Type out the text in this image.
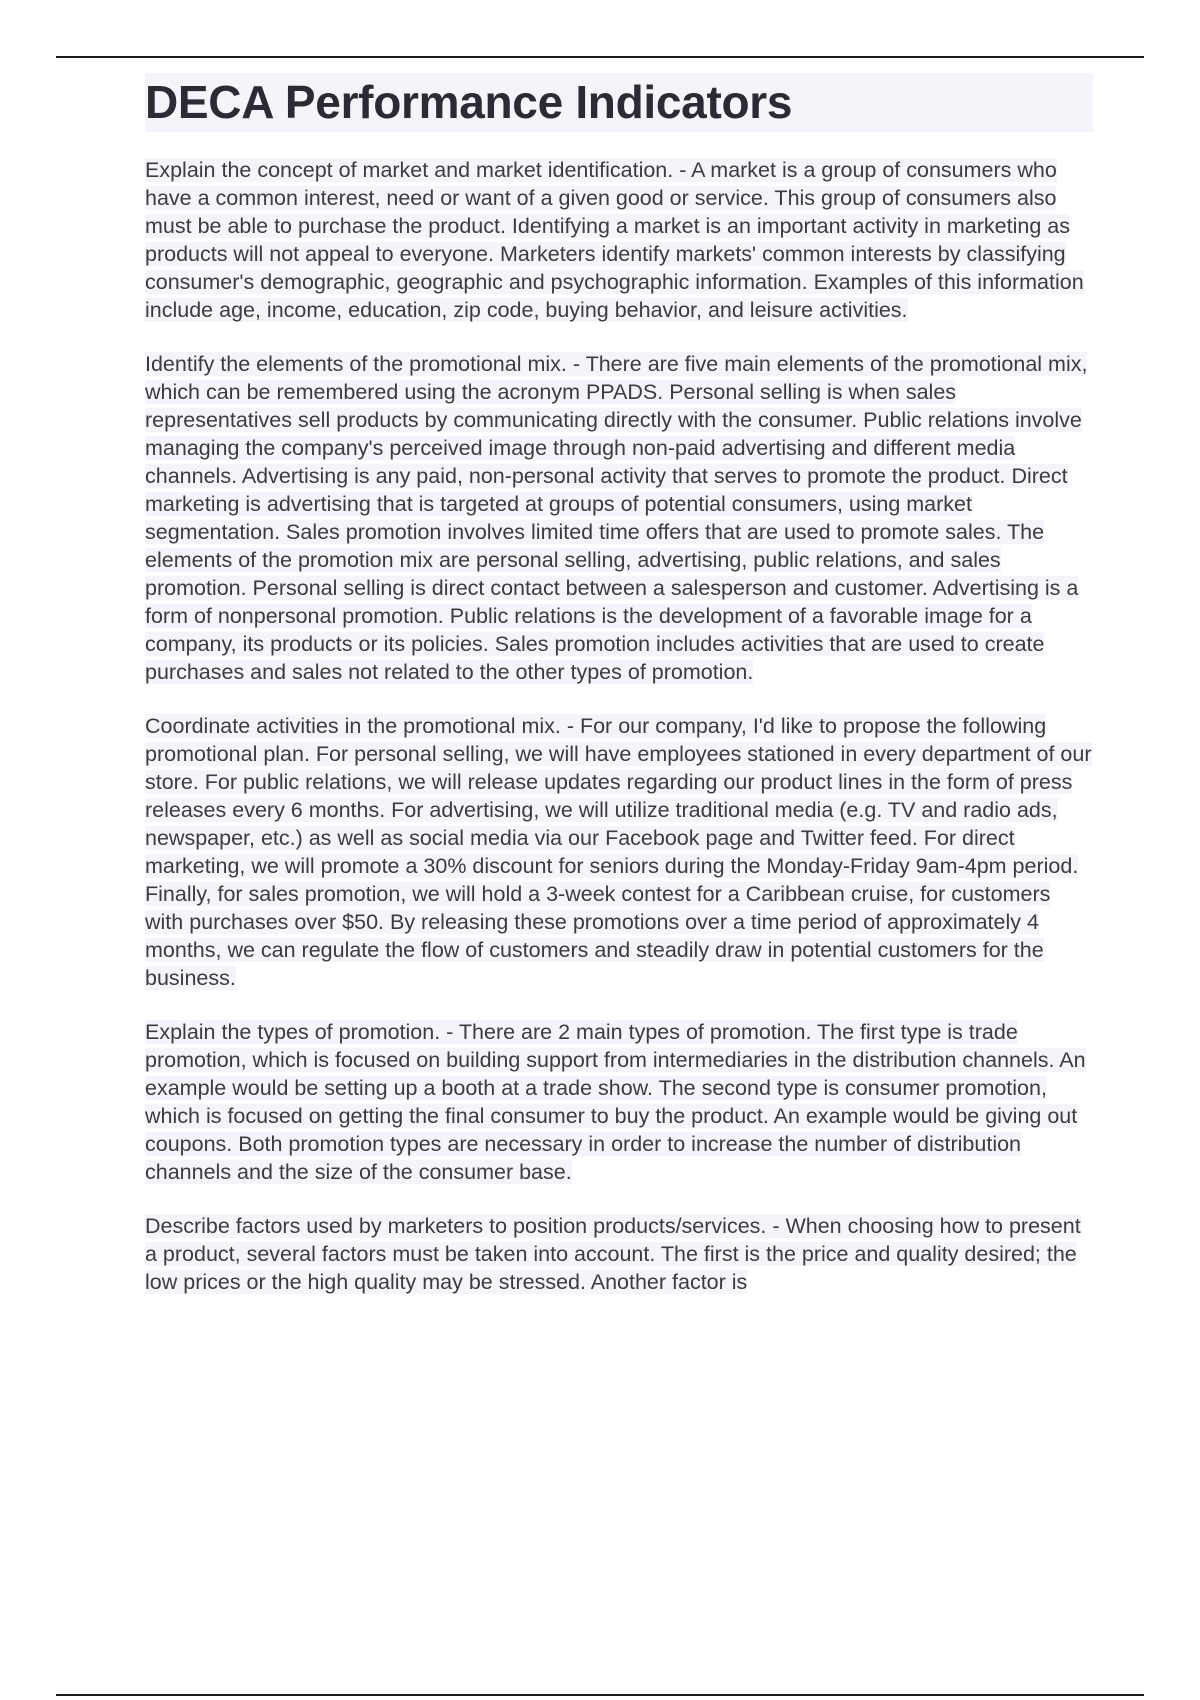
DECA Performance Indicators

Explain the concept of market and market identification. - A market is a group of consumers who have a common interest, need or want of a given good or service. This group of consumers also must be able to purchase the product. Identifying a market is an important activity in marketing as products will not appeal to everyone. Marketers identify markets' common interests by classifying consumer's demographic, geographic and psychographic information. Examples of this information include age, income, education, zip code, buying behavior, and leisure activities.

Identify the elements of the promotional mix. - There are five main elements of the promotional mix, which can be remembered using the acronym PPADS. Personal selling is when sales representatives sell products by communicating directly with the consumer. Public relations involve managing the company's perceived image through non-paid advertising and different media channels. Advertising is any paid, non-personal activity that serves to promote the product. Direct marketing is advertising that is targeted at groups of potential consumers, using market segmentation. Sales promotion involves limited time offers that are used to promote sales. The elements of the promotion mix are personal selling, advertising, public relations, and sales promotion. Personal selling is direct contact between a salesperson and customer. Advertising is a form of nonpersonal promotion. Public relations is the development of a favorable image for a company, its products or its policies. Sales promotion includes activities that are used to create purchases and sales not related to the other types of promotion.

Coordinate activities in the promotional mix. - For our company, I'd like to propose the following promotional plan. For personal selling, we will have employees stationed in every department of our store. For public relations, we will release updates regarding our product lines in the form of press releases every 6 months. For advertising, we will utilize traditional media (e.g. TV and radio ads, newspaper, etc.) as well as social media via our Facebook page and Twitter feed. For direct marketing, we will promote a 30% discount for seniors during the Monday-Friday 9am-4pm period. Finally, for sales promotion, we will hold a 3-week contest for a Caribbean cruise, for customers with purchases over $50. By releasing these promotions over a time period of approximately 4 months, we can regulate the flow of customers and steadily draw in potential customers for the business.

Explain the types of promotion. - There are 2 main types of promotion. The first type is trade promotion, which is focused on building support from intermediaries in the distribution channels. An example would be setting up a booth at a trade show. The second type is consumer promotion, which is focused on getting the final consumer to buy the product. An example would be giving out coupons. Both promotion types are necessary in order to increase the number of distribution channels and the size of the consumer base.

Describe factors used by marketers to position products/services. - When choosing how to present a product, several factors must be taken into account. The first is the price and quality desired; the low prices or the high quality may be stressed. Another factor is
